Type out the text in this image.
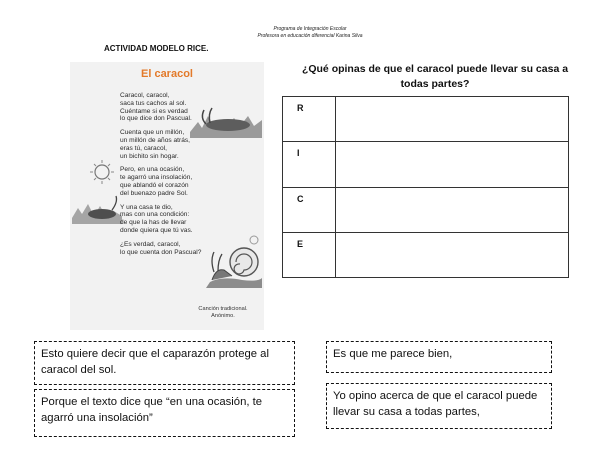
Programa de Integración Escolar
Profesora en educación diferencial Karina Silva
ACTIVIDAD MODELO RICE.
El caracol

Caracol, caracol,

saca tus cachos al sol.

Cuéntame si es verdad

lo que dice don Pascual.

Cuenta que un millón,

un millón de años atrás,

eras tú, caracol,

un bichito sin hogar.

Pero, en una ocasión,

te agarró una insolación,

que ablandó el corazón

del buenazo padre Sol.

Y una casa te dio,

mas con una condición:

de que la has de llevar

donde quiera que tú vas.

¿Es verdad, caracol,

lo que cuenta don Pascual?

Canción tradicional.
Anónimo.
¿Qué opinas de que el caracol puede llevar su casa a todas partes?
R	
I	
C	
E	
Esto quiere decir que el caparazón protege al caracol del sol.
Es que me parece bien,
Porque el texto dice que “en una ocasión, te agarró una insolación”
Yo opino acerca de que el caracol puede llevar su casa a todas partes,
